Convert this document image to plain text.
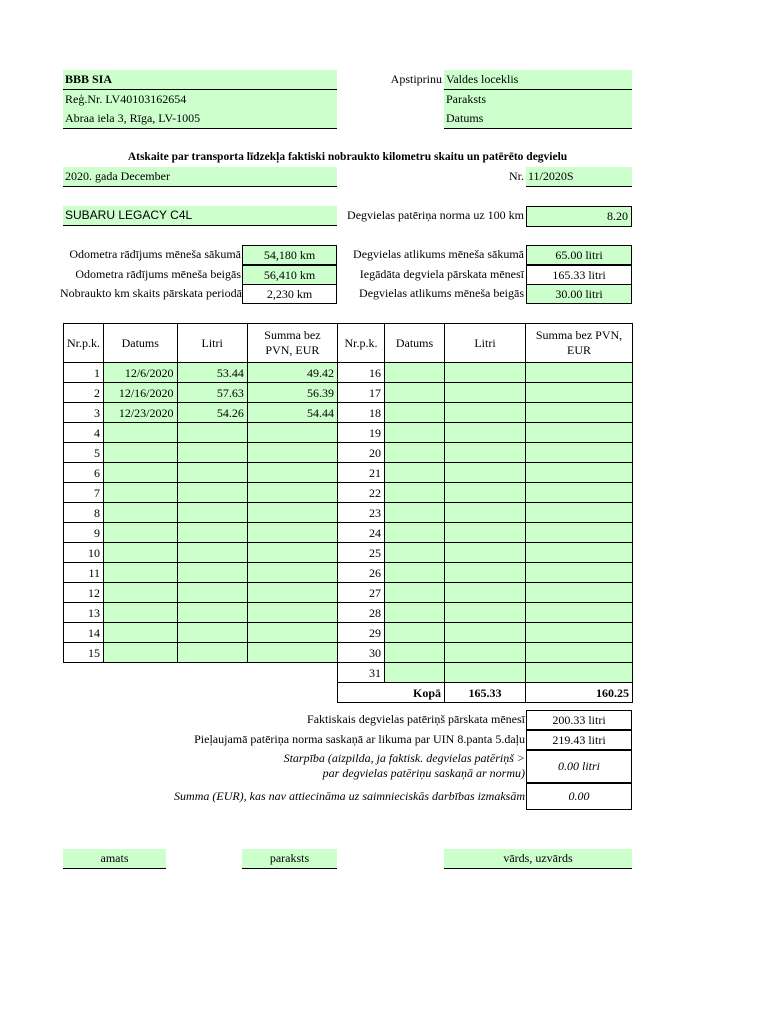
BBB SIA
Reģ.Nr. LV40103162654
Abraa iela 3, Rīga, LV-1005
Apstiprinu Valdes loceklis
Paraksts
Datums
Atskaite par transporta līdzekļa faktiski nobraukto kilometru skaitu un patērēto degvielu
2020. gada December	Nr. 11/2020S
SUBARU LEGACY C4L	Degvielas patēriņa norma uz 100 km	8.20
Odometra rādījums mēneša sākumā	54,180 km
Odometra rādījums mēneša beigās	56,410 km
Nobraukto km skaits pārskata periodā	2,230 km
Degvielas atlikums mēneša sākumā	65.00 litri
Iegādāta degviela pārskata mēnesī	165.33 litri
Degvielas atlikums mēneša beigās	30.00 litri
Nr.p.k.	Datums	Litri	Summa bez PVN, EUR
1	12/6/2020	53.44	49.42
2	12/16/2020	57.63	56.39
3	12/23/2020	54.26	54.44
4			
5			
6			
7			
8			
9			
10			
11			
12			
13			
14			
15			
Nr.p.k.	Datums	Litri	Summa bez PVN, EUR
16			
17			
18			
19			
20			
21			
22			
23			
24			
25			
26			
27			
28			
29			
30			
31			
Kopā		165.33	160.25
Faktiskais degvielas patēriņš pārskata mēnesī	200.33 litri
Pieļaujamā patēriņa norma saskaņā ar likuma par UIN 8.panta 5.daļu	219.43 litri
Starpība (aizpilda, ja faktisk. degvielas patēriņš > par degvielas patēriņu saskaņā ar normu)	0.00 litri
Summa (EUR), kas nav attiecināma uz saimnieciskās darbības izmaksām	0.00
amats	paraksts	vārds, uzvārds
